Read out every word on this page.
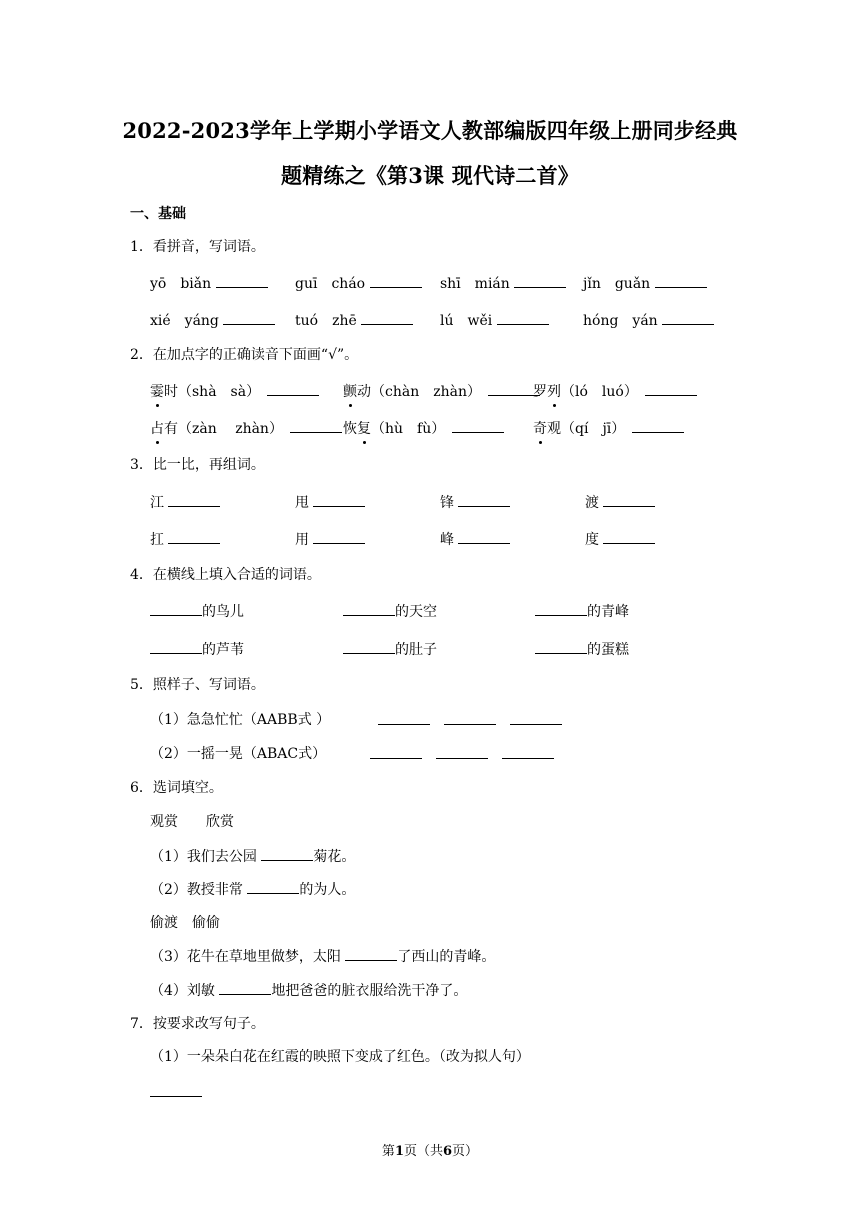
2022-2023学年上学期小学语文人教部编版四年级上册同步经典
题精练之《第3课 现代诗二首》
一、基础
1．看拼音，写词语。
yō　biǎn	guī　cháo	shī　mián	jǐn　guǎn
xié　yáng	tuó　zhē	lú　wěi	hóng　yán
2．在加点字的正确读音下面画“√”。
霎时（shà　sà）　	颤动（chàn　zhàn）　	罗列（ló　luó）　
占有（zàn　 zhàn）　	恢复（hù　fù）　	奇观（qí　jī）　
3．比一比，再组词。
江	甩	锋	渡
扛	用	峰	度
4．在横线上填入合适的词语。
的鸟儿	的天空	的青峰
的芦苇	的肚子	的蛋糕
5．照样子、写词语。
（1）急急忙忙（AABB式 ）

（2）一摇一晃（ABAC式）

6．选词填空。
观赏　　欣赏
（1）我们去公园	菊花。
（2）教授非常	的为人。
偷渡　偷偷
（3）花牛在草地里做梦，太阳	了西山的青峰。
（4）刘敏	地把爸爸的脏衣服给洗干净了。
7．按要求改写句子。
（1）一朵朵白花在红霞的映照下变成了红色。（改为拟人句）
第1页（共6页）
